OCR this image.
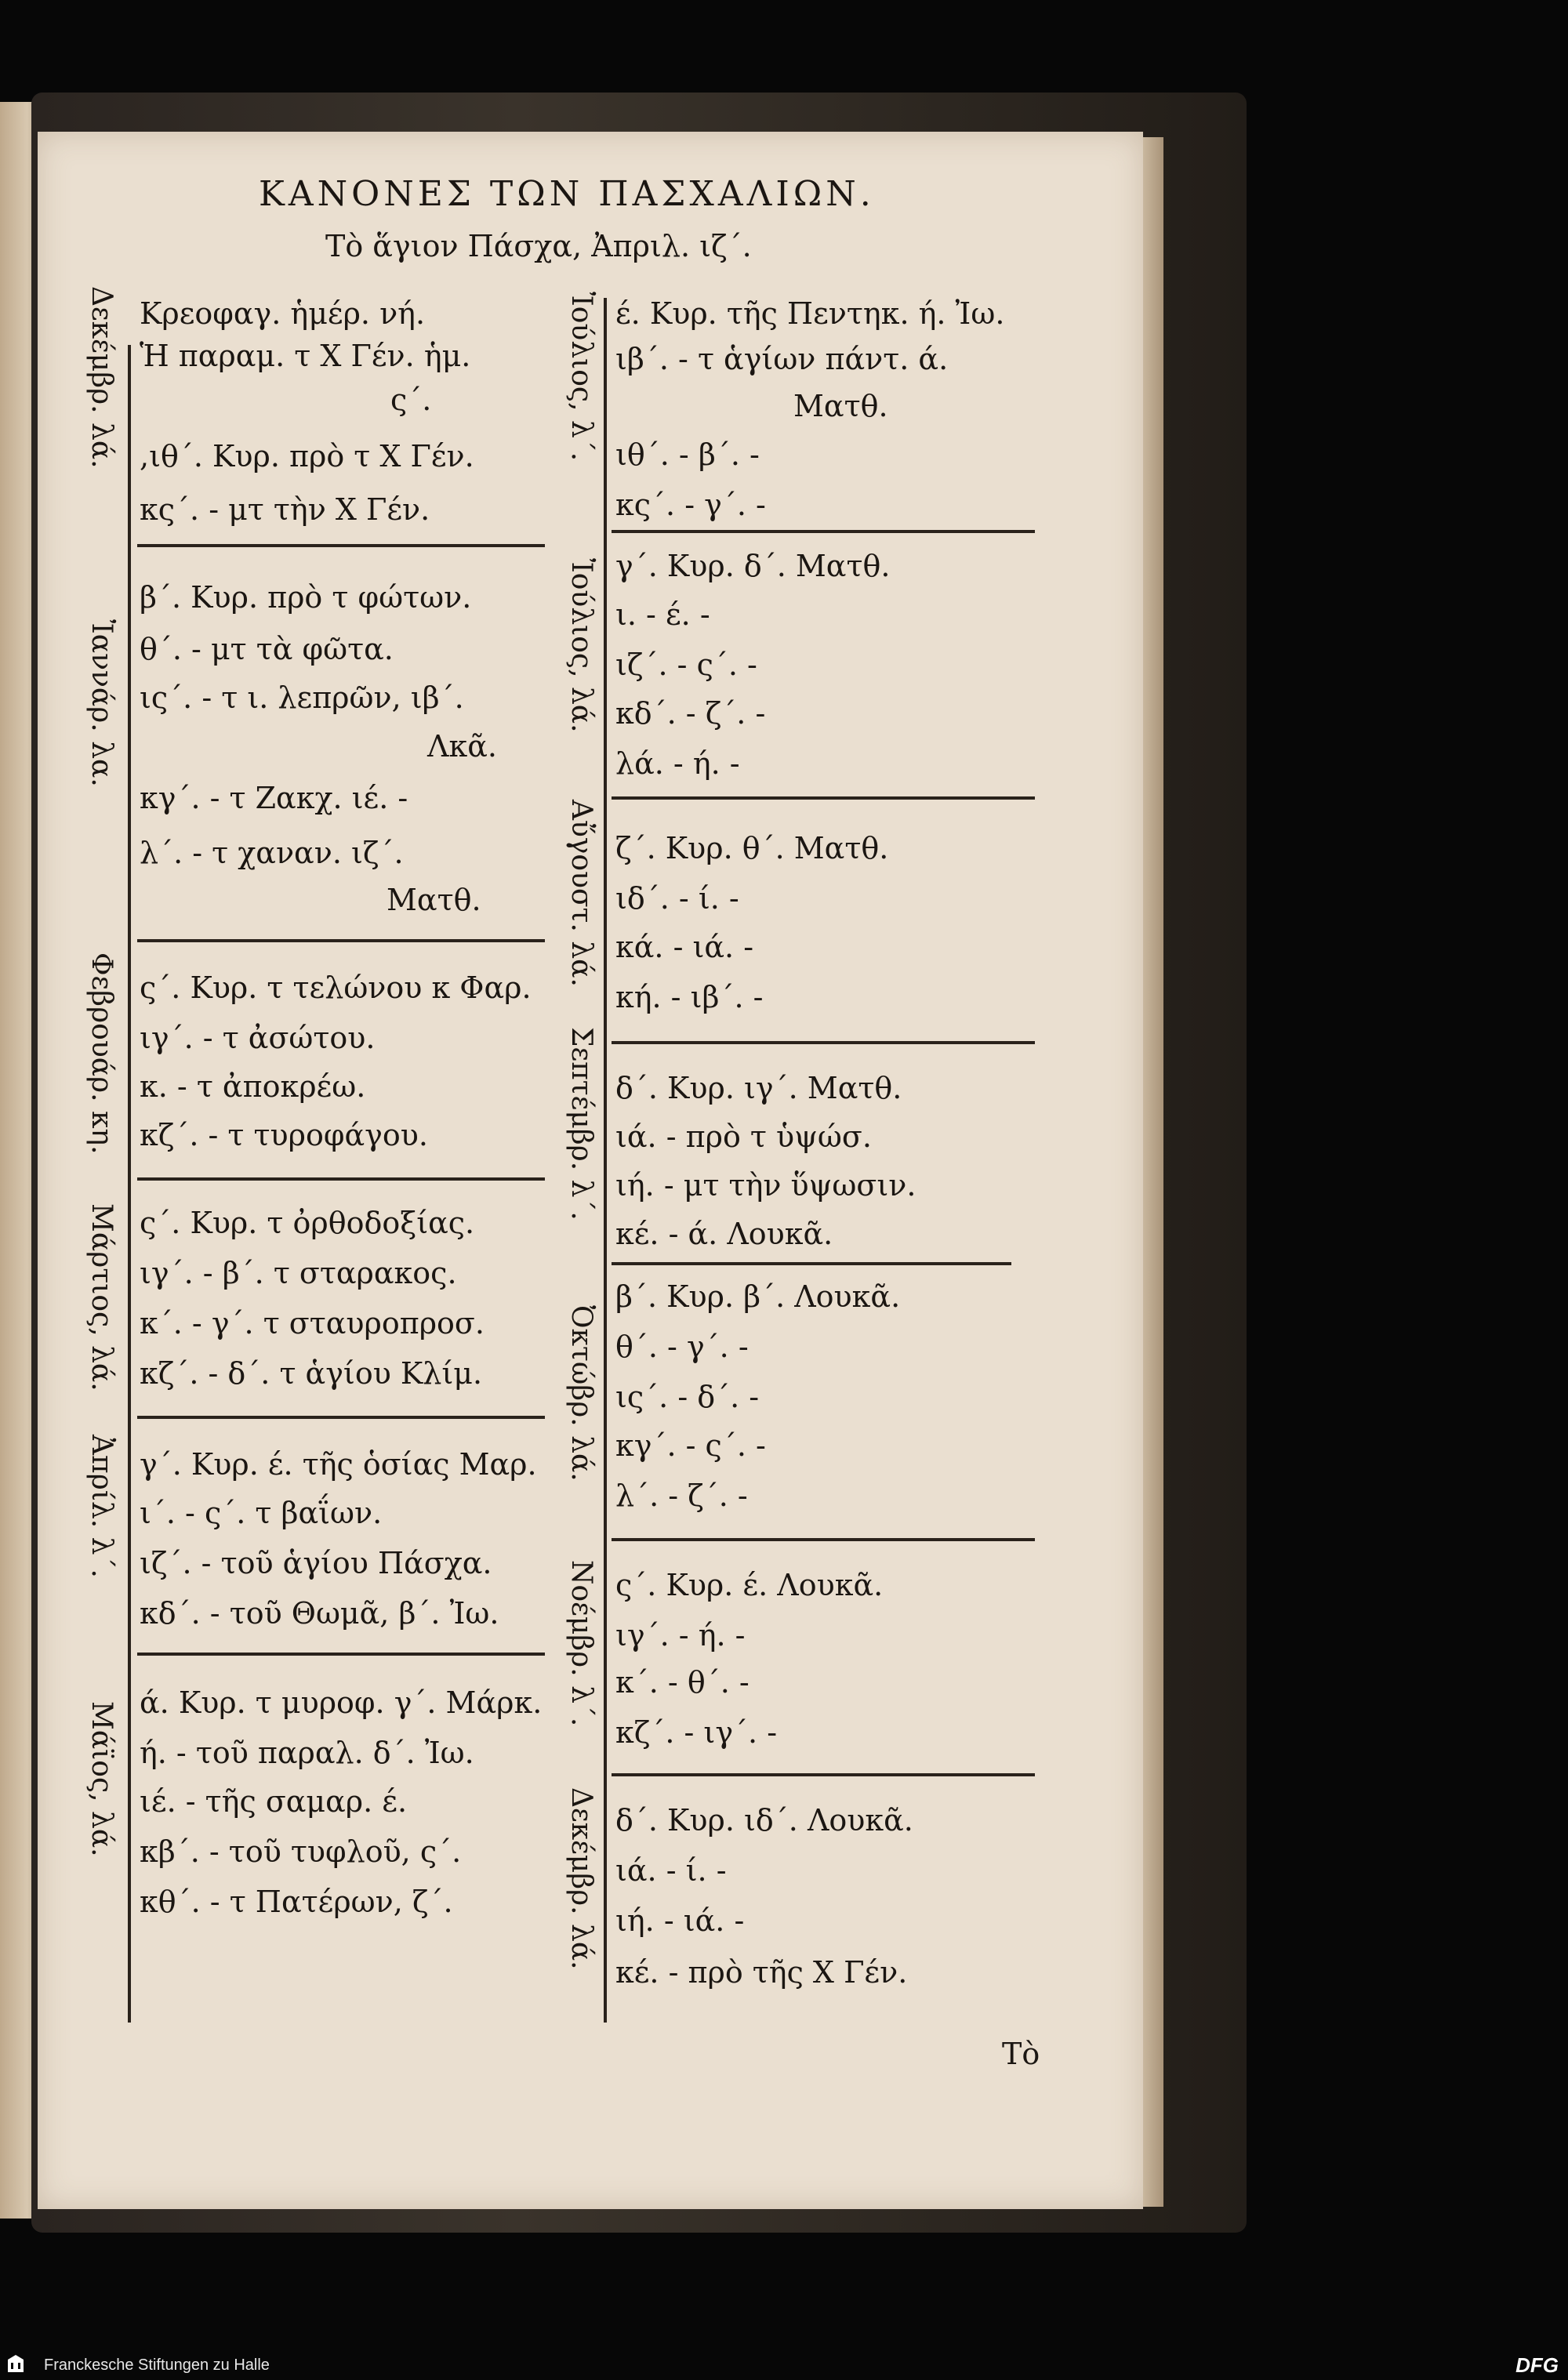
ΚΑΝΟΝΕΣ ΤΩΝ ΠΑΣΧΑΛΙΩΝ.
Τὸ ἅγιον Πάσχα, Ἀπριλ. ιζ΄.
Δεκέμβρ. λά. Κρεοφαγ. ἡμέρ. νή.
Ἡ παραμ. τ Χ Γέν. ἡμ.
ς΄.
,ιθ΄. Κυρ. πρὸ τ Χ Γέν.
κς΄. - μτ τὴν Χ Γέν.
Ἰαννάρ. λα.
β΄. Κυρ. πρὸ τ φώτων.
θ΄. - μτ τὰ φῶτα.
ις΄. - τ ι. λεπρῶν, ιβ΄.
Λκᾶ.
κγ΄. - τ Ζακχ. ιέ. -
λ΄. - τ χαναν. ιζ΄.
Ματθ.
Φεβρουάρ. κη. ς΄. Κυρ. τ τελώνου κ Φαρ.
ιγ΄. - τ ἀσώτου.
κ. - τ ἀποκρέω.
κζ΄. - τ τυροφάγου.
Μάρτιος, λά. ς΄. Κυρ. τ ὀρθοδοξίας.
ιγ΄. - β΄. τ σταρακος.
κ΄. - γ΄. τ σταυροπροσ.
κζ΄. - δ΄. τ ἁγίου Κλίμ.
Ἀπρίλ. λ΄. γ΄. Κυρ. έ. τῆς ὁσίας Μαρ.
ι΄. - ς΄. τ βαΐων.
ιζ΄. - τοῦ ἁγίου Πάσχα.
κδ΄. - τοῦ Θωμᾶ, β΄. Ἰω.
Μάϊος, λά. ά. Κυρ. τ μυροφ. γ΄. Μάρκ.
ή. - τοῦ παραλ. δ΄. Ἰω.
ιέ. - τῆς σαμαρ. έ.
κβ΄. - τοῦ τυφλοῦ, ς΄.
κθ΄. - τ Πατέρων, ζ΄.
Ἰούλιος, λ΄. έ. Κυρ. τῆς Πεντηκ. ή. Ἰω.
ιβ΄. - τ ἁγίων πάντ. ά.
Ματθ.
ιθ΄. - β΄. -
κς΄. - γ΄. -
Ἰούλιος, λά. γ΄. Κυρ. δ΄. Ματθ.
ι. - έ. -
ιζ΄. - ς΄. -
κδ΄. - ζ΄. -
λά. - ή. -
Αὔγουστ. λά. ζ΄. Κυρ. θ΄. Ματθ.
ιδ΄. - ί. -
κά. - ιά. -
κή. - ιβ΄. -
Σεπτέμβρ. λ΄. δ΄. Κυρ. ιγ΄. Ματθ.
ιά. - πρὸ τ ὑψώσ.
ιή. - μτ τὴν ὕψωσιν.
κέ. - ά. Λουκᾶ.
Ὀκτώβρ. λά.
β΄. Κυρ. β΄. Λουκᾶ.
θ΄. - γ΄. -
ις΄. - δ΄. -
κγ΄. - ς΄. -
λ΄. - ζ΄. -
Νοέμβρ. λ΄. ς΄. Κυρ. έ. Λουκᾶ.
ιγ΄. - ή. -
κ΄. - θ΄. -
κζ΄. - ιγ΄. -
Δεκέμβρ. λά. δ΄. Κυρ. ιδ΄. Λουκᾶ.
ιά. - ί. -
ιή. - ιά. -
κέ. - πρὸ τῆς Χ Γέν.
Τὸ
Franckesche Stiftungen zu Halle	DFG
